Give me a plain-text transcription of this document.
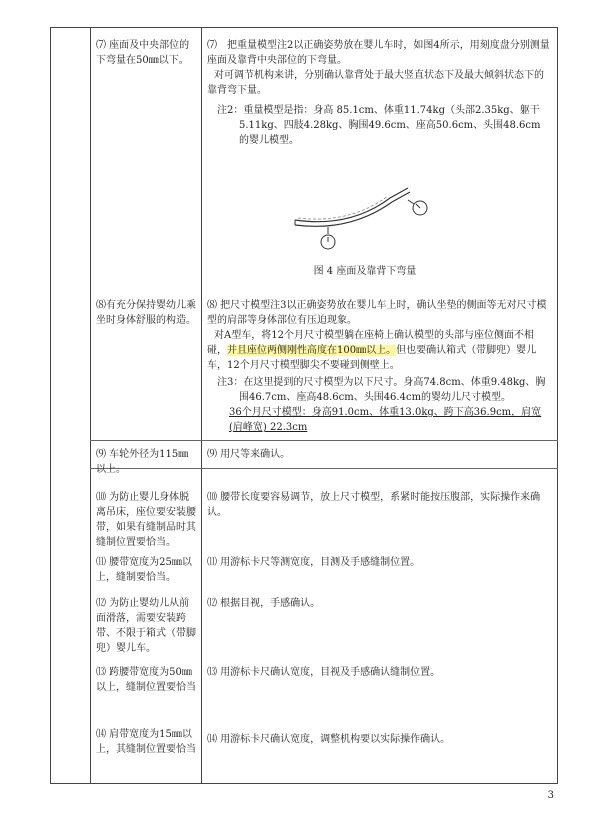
⑺ 座面及中央部位的下弯量在50㎜以下。
⑺　把重量模型注2以正确姿势放在婴儿车时，如图4所示，用刻度盘分别测量座面及靠背中央部位的下弯量。
对可调节机构来讲，分别确认靠背处于最大竖直状态下及最大倾斜状态下的靠背弯下量。
注2：重量模型是指：身高 85.1cm、体重11.74kg（头部2.35kg、躯干5.11kg、四肢4.28kg、胸围49.6cm、座高50.6cm、头围48.6cm的婴儿模型。
图 4 座面及靠背下弯量
⑻有充分保持婴幼儿乘坐时身体舒服的构造。
⑻ 把尺寸模型注3以正确姿势放在婴儿车上时，确认坐垫的侧面等无对尺寸模型的肩部等身体部位有压迫现象。
对A型车，将12个月尺寸模型躺在座椅上确认模型的头部与座位侧面不相碰，并且座位两侧刚性高度在100㎜以上。但也要确认箱式（带脚兜）婴儿车，12个月尺寸模型脚尖不要碰到侧壁上。
注3：在这里提到的尺寸模型为以下尺寸。身高74.8cm、体重9.48kg、胸围46.7cm、座高48.6cm、头围46.4cm的婴幼儿尺寸模型。
36个月尺寸模型：身高91.0cm、体重13.0kg、跨下高36.9cm，肩宽(肩峰宽) 22.3cm
⑼ 车轮外径为115㎜以上。
⑼ 用尺等来确认。
⑽ 为防止婴儿身体脱离吊床，座位要安装腰带，如果有缝制品时其缝制位置要恰当。
⑽ 腰带长度要容易调节，放上尺寸模型，系紧时能按压腹部，实际操作来确认。
⑾ 腰带宽度为25㎜以上，缝制要恰当。
⑾ 用游标卡尺等测宽度，目测及手感缝制位置。
⑿ 为防止婴幼儿从前面滑落，需要安装跨带、不限于箱式（带脚兜）婴儿车。
⑿ 根据目视，手感确认。
⒀ 跨腰带宽度为50㎜以上，缝制位置要恰当
⒀ 用游标卡尺确认宽度，目视及手感确认缝制位置。
⒁ 肩带宽度为15㎜以上，其缝制位置要恰当
⒁ 用游标卡尺确认宽度，调整机构要以实际操作确认。
3
